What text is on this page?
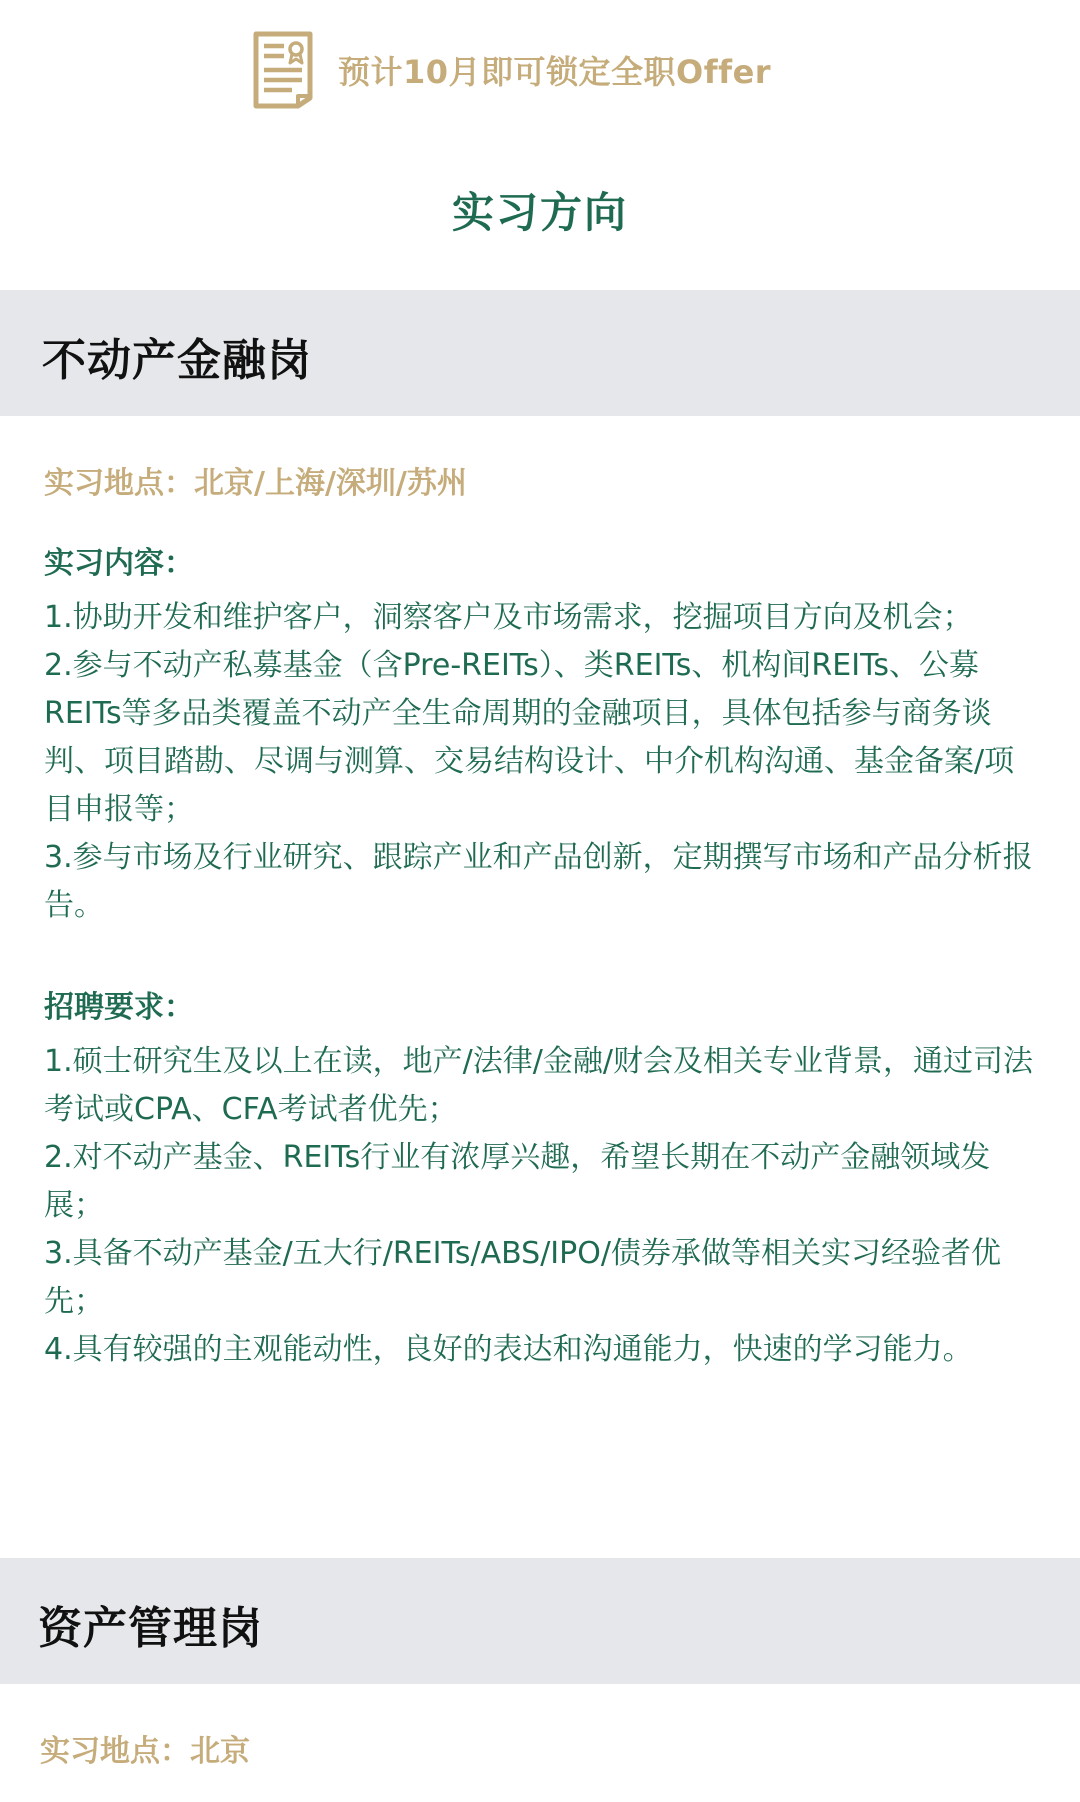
预计10月即可锁定全职Offer
实习方向
不动产金融岗
实习地点：北京/上海/深圳/苏州
实习内容：
1.协助开发和维护客户，洞察客户及市场需求，挖掘项目方向及机会；
2.参与不动产私募基金（含Pre-REITs）、类REITs、机构间REITs、公募REITs等多品类覆盖不动产全生命周期的金融项目，具体包括参与商务谈判、项目踏勘、尽调与测算、交易结构设计、中介机构沟通、基金备案/项目申报等；
3.参与市场及行业研究、跟踪产业和产品创新，定期撰写市场和产品分析报告。
招聘要求：
1.硕士研究生及以上在读，地产/法律/金融/财会及相关专业背景，通过司法考试或CPA、CFA考试者优先；
2.对不动产基金、REITs行业有浓厚兴趣，希望长期在不动产金融领域发展；
3.具备不动产基金/五大行/REITs/ABS/IPO/债券承做等相关实习经验者优先；
4.具有较强的主观能动性，良好的表达和沟通能力，快速的学习能力。
资产管理岗
实习地点：北京
